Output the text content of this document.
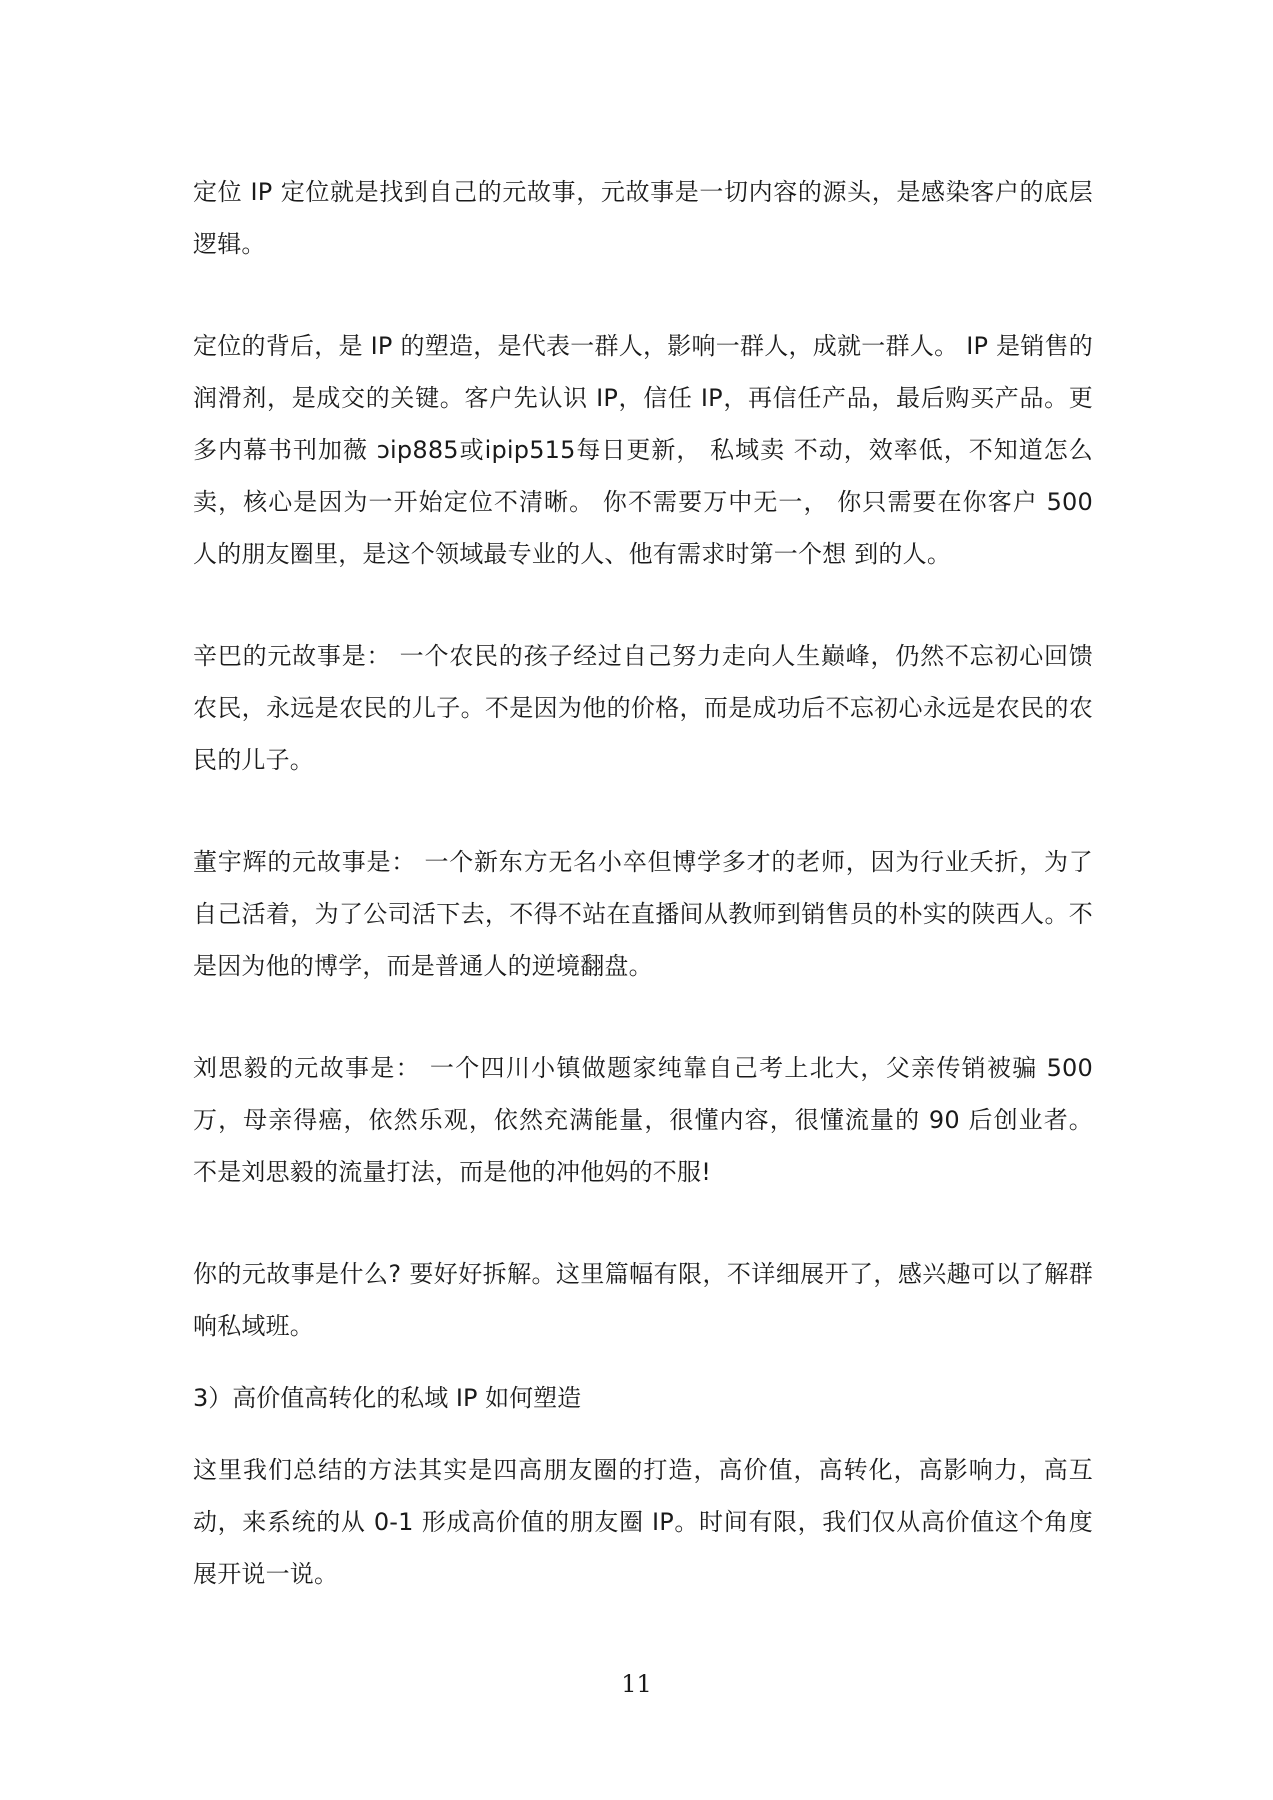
定位 IP 定位就是找到自己的元故事，元故事是一切内容的源头，是感染客户的底层逻辑。

定位的背后，是 IP 的塑造，是代表一群人，影响一群人，成就一群人。 IP 是销售的润滑剂，是成交的关键。客户先认识 IP，信任 IP，再信任产品，最后购买产品。更多内幕书刊加薇 ɔip885或ipip515每日更新， 私域卖 不动，效率低，不知道怎么卖，核心是因为一开始定位不清晰。 你不需要万中无一， 你只需要在你客户 500 人的朋友圈里，是这个领域最专业的人、他有需求时第一个想 到的人。

辛巴的元故事是： 一个农民的孩子经过自己努力走向人生巅峰，仍然不忘初心回馈农民，永远是农民的儿子。不是因为他的价格，而是成功后不忘初心永远是农民的农民的儿子。

董宇辉的元故事是： 一个新东方无名小卒但博学多才的老师，因为行业夭折，为了自己活着，为了公司活下去，不得不站在直播间从教师到销售员的朴实的陕西人。不是因为他的博学，而是普通人的逆境翻盘。

刘思毅的元故事是： 一个四川小镇做题家纯靠自己考上北大，父亲传销被骗 500 万，母亲得癌，依然乐观，依然充满能量，很懂内容，很懂流量的 90 后创业者。 不是刘思毅的流量打法，而是他的冲他妈的不服!

你的元故事是什么? 要好好拆解。这里篇幅有限，不详细展开了，感兴趣可以了解群响私域班。

3）高价值高转化的私域 IP 如何塑造

这里我们总结的方法其实是四高朋友圈的打造，高价值，高转化，高影响力，高互动，来系统的从 0-1 形成高价值的朋友圈 IP。时间有限，我们仅从高价值这个角度展开说一说。

11
